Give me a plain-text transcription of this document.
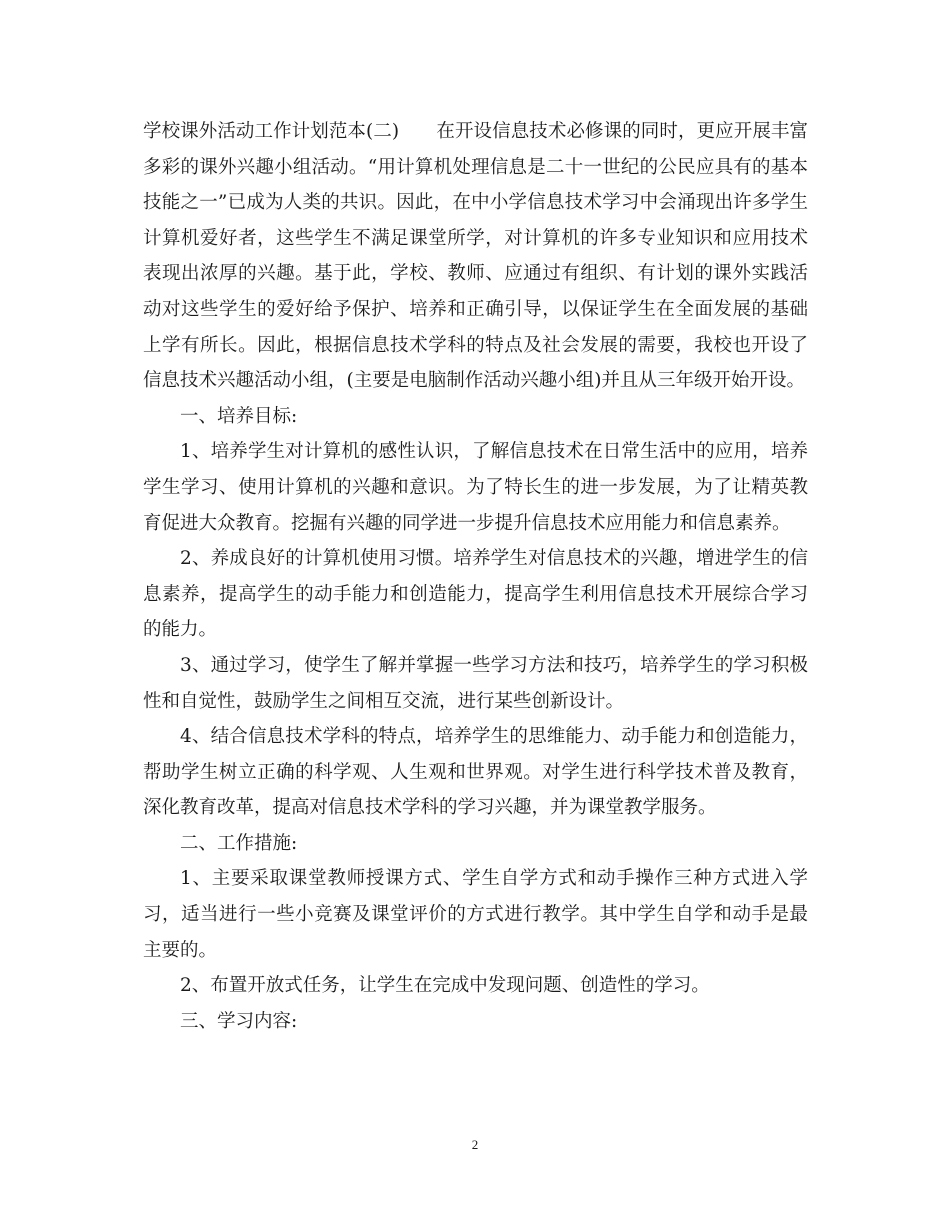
学校课外活动工作计划范本(二)　　在开设信息技术必修课的同时，更应开展丰富多彩的课外兴趣小组活动。“用计算机处理信息是二十一世纪的公民应具有的基本技能之一”已成为人类的共识。因此，在中小学信息技术学习中会涌现出许多学生计算机爱好者，这些学生不满足课堂所学，对计算机的许多专业知识和应用技术表现出浓厚的兴趣。基于此，学校、教师、应通过有组织、有计划的课外实践活动对这些学生的爱好给予保护、培养和正确引导，以保证学生在全面发展的基础上学有所长。因此，根据信息技术学科的特点及社会发展的需要，我校也开设了信息技术兴趣活动小组，(主要是电脑制作活动兴趣小组)并且从三年级开始开设。

一、培养目标:

1、培养学生对计算机的感性认识，了解信息技术在日常生活中的应用，培养学生学习、使用计算机的兴趣和意识。为了特长生的进一步发展，为了让精英教育促进大众教育。挖掘有兴趣的同学进一步提升信息技术应用能力和信息素养。

2、养成良好的计算机使用习惯。培养学生对信息技术的兴趣，增进学生的信息素养，提高学生的动手能力和创造能力，提高学生利用信息技术开展综合学习的能力。

3、通过学习，使学生了解并掌握一些学习方法和技巧，培养学生的学习积极性和自觉性，鼓励学生之间相互交流，进行某些创新设计。

4、结合信息技术学科的特点，培养学生的思维能力、动手能力和创造能力，帮助学生树立正确的科学观、人生观和世界观。对学生进行科学技术普及教育，深化教育改革，提高对信息技术学科的学习兴趣，并为课堂教学服务。

二、工作措施:

1、主要采取课堂教师授课方式、学生自学方式和动手操作三种方式进入学习，适当进行一些小竞赛及课堂评价的方式进行教学。其中学生自学和动手是最主要的。

2、布置开放式任务，让学生在完成中发现问题、创造性的学习。

三、学习内容:

2
